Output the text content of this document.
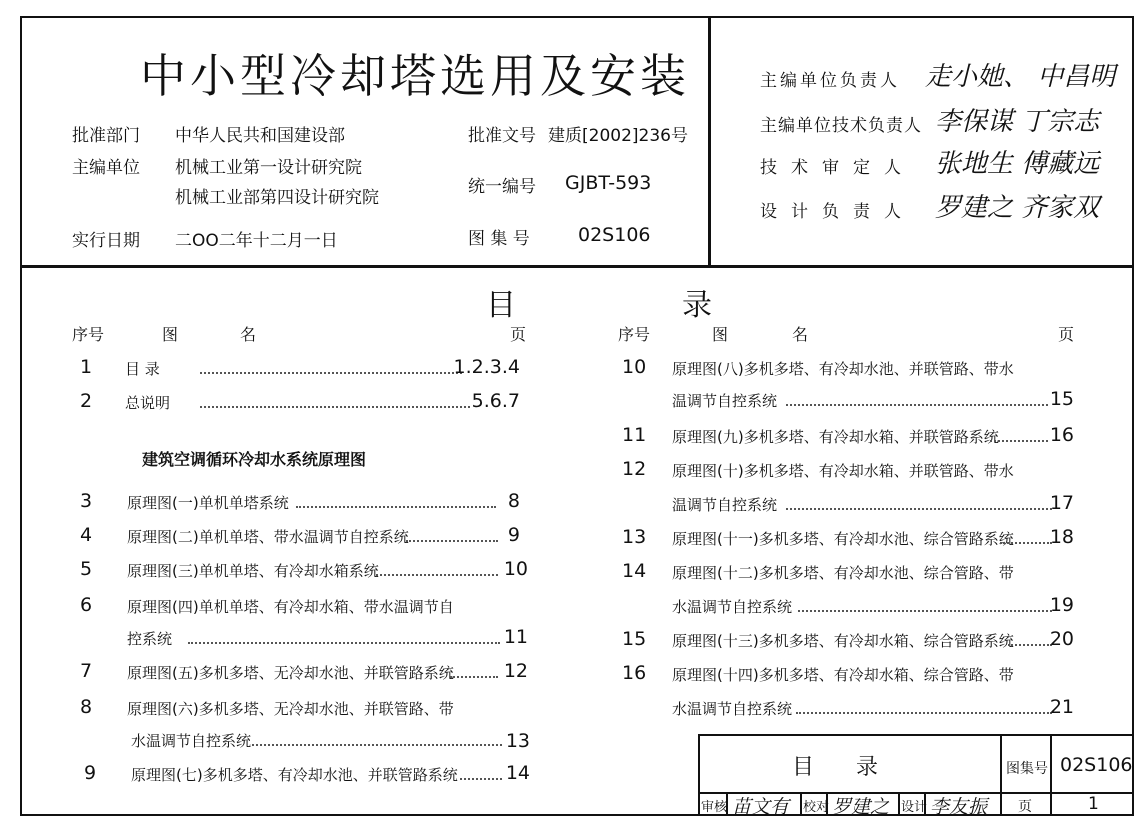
中小型冷却塔选用及安装
批准部门 中华人民共和国建设部
主编单位 机械工业第一设计研究院
机械工业部第四设计研究院
实行日期 二OO二年十二月一日
批准文号 建质[2002]236号
统一编号 GJBT-593
图 集 号	02S106
主编单位负责人 走小她、 中昌明
主编单位技术负责人 李保谋 丁宗志
技术审定人 张地生 傅藏远
设计负责人 罗建之 齐家双
目	录
序号	图	名	页	序号	图	名	页
1 目 录	1.2.3.4
2 总说明	5.6.7
建筑空调循环冷却水系统原理图
3 原理图(一)单机单塔系统	8
4 原理图(二)单机单塔、带水温调节自控系统	9
5 原理图(三)单机单塔、有冷却水箱系统	10
6 原理图(四)单机单塔、有冷却水箱、带水温调节自
控系统	11
7 原理图(五)多机多塔、无冷却水池、并联管路系统	12
8 原理图(六)多机多塔、无冷却水池、并联管路、带
水温调节自控系统	13
9 原理图(七)多机多塔、有冷却水池、并联管路系统	14
10 原理图(八)多机多塔、有冷却水池、并联管路、带水
温调节自控系统	15
11 原理图(九)多机多塔、有冷却水箱、并联管路系统	16
12 原理图(十)多机多塔、有冷却水箱、并联管路、带水
温调节自控系统	17
13 原理图(十一)多机多塔、有冷却水池、综合管路系统	18
14 原理图(十二)多机多塔、有冷却水池、综合管路、带
水温调节自控系统	19
15 原理图(十三)多机多塔、有冷却水箱、综合管路系统	20
16 原理图(十四)多机多塔、有冷却水箱、综合管路、带
水温调节自控系统	21
目 录	图集号 02S106
审核 苗文有 校对 罗建之 设计 李友振 页	1
